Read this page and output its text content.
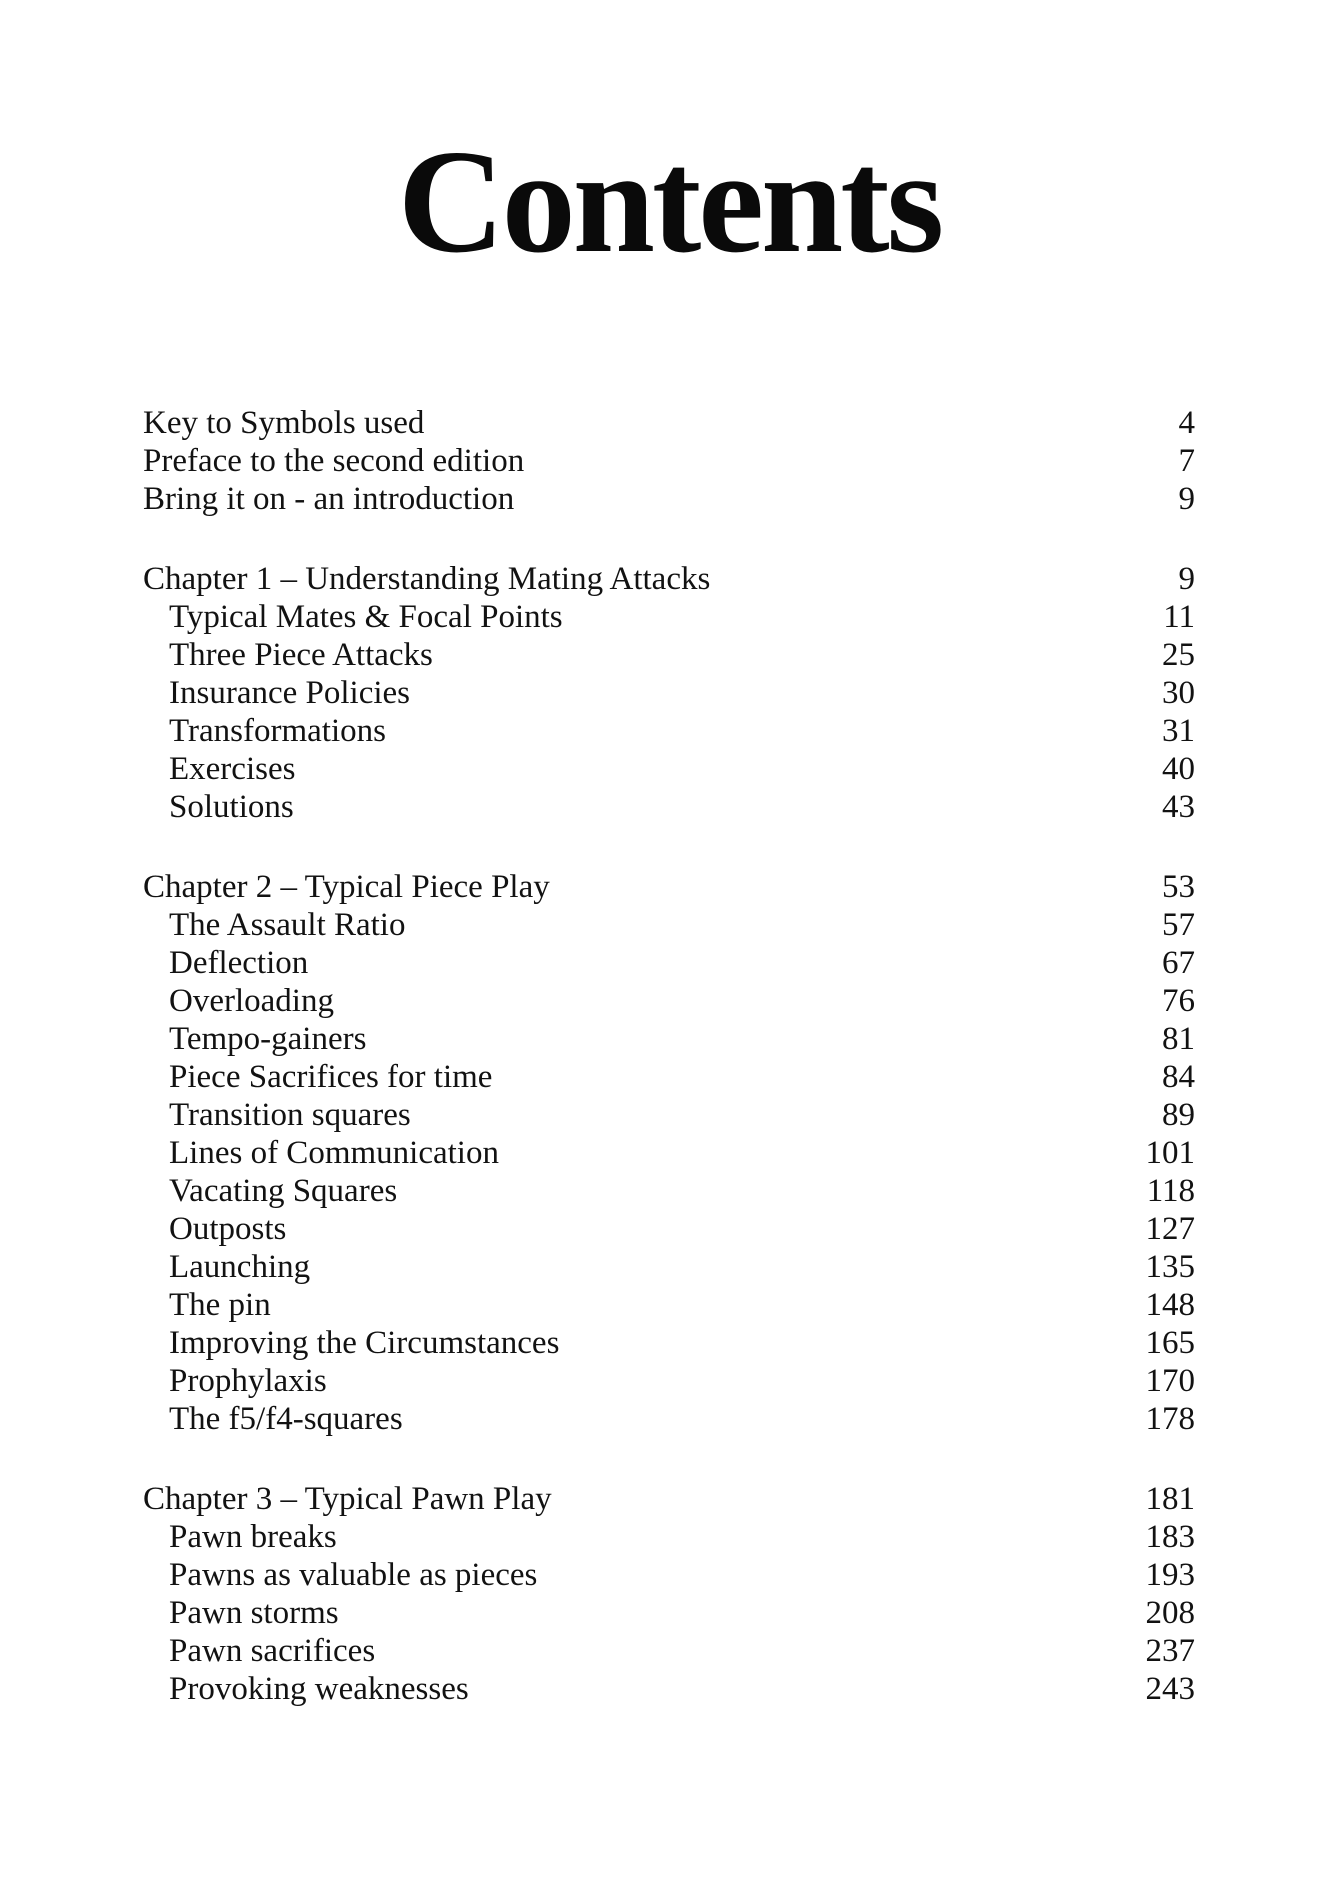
Contents
Key to Symbols used	4
Preface to the second edition	7
Bring it on - an introduction	9
Chapter 1 – Understanding Mating Attacks	9
Typical Mates & Focal Points	11
Three Piece Attacks	25
Insurance Policies	30
Transformations	31
Exercises	40
Solutions	43
Chapter 2 – Typical Piece Play	53
The Assault Ratio	57
Deflection	67
Overloading	76
Tempo-gainers	81
Piece Sacrifices for time	84
Transition squares	89
Lines of Communication	101
Vacating Squares	118
Outposts	127
Launching	135
The pin	148
Improving the Circumstances	165
Prophylaxis	170
The f5/f4-squares	178
Chapter 3 – Typical Pawn Play	181
Pawn breaks	183
Pawns as valuable as pieces	193
Pawn storms	208
Pawn sacrifices	237
Provoking weaknesses	243
